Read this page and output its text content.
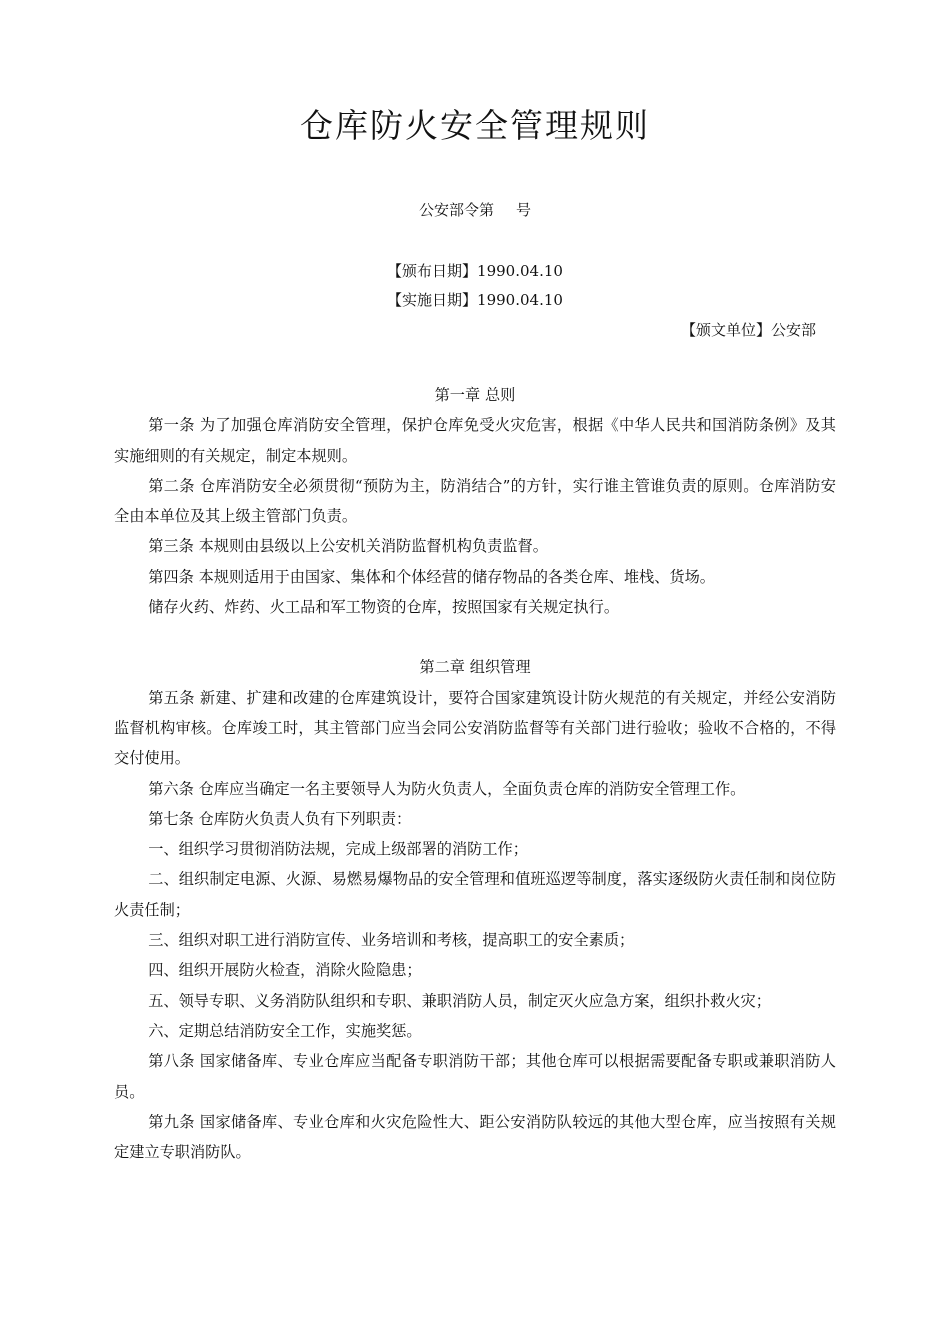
仓库防火安全管理规则
公安部令第 号
【颁布日期】1990.04.10
【实施日期】1990.04.10
【颁文单位】公安部

第一章 总则

第一条 为了加强仓库消防安全管理，保护仓库免受火灾危害，根据《中华人民共和国消防条例》及其实施细则的有关规定，制定本规则。

第二条 仓库消防安全必须贯彻“预防为主，防消结合”的方针，实行谁主管谁负责的原则。仓库消防安全由本单位及其上级主管部门负责。

第三条 本规则由县级以上公安机关消防监督机构负责监督。

第四条 本规则适用于由国家、集体和个体经营的储存物品的各类仓库、堆栈、货场。

储存火药、炸药、火工品和军工物资的仓库，按照国家有关规定执行。

第二章 组织管理

第五条 新建、扩建和改建的仓库建筑设计，要符合国家建筑设计防火规范的有关规定，并经公安消防监督机构审核。仓库竣工时，其主管部门应当会同公安消防监督等有关部门进行验收；验收不合格的，不得交付使用。

第六条 仓库应当确定一名主要领导人为防火负责人，全面负责仓库的消防安全管理工作。

第七条 仓库防火负责人负有下列职责：

一、组织学习贯彻消防法规，完成上级部署的消防工作；

二、组织制定电源、火源、易燃易爆物品的安全管理和值班巡逻等制度，落实逐级防火责任制和岗位防火责任制；

三、组织对职工进行消防宣传、业务培训和考核，提高职工的安全素质；

四、组织开展防火检查，消除火险隐患；

五、领导专职、义务消防队组织和专职、兼职消防人员，制定灭火应急方案，组织扑救火灾；

六、定期总结消防安全工作，实施奖惩。

第八条 国家储备库、专业仓库应当配备专职消防干部；其他仓库可以根据需要配备专职或兼职消防人员。

第九条 国家储备库、专业仓库和火灾危险性大、距公安消防队较远的其他大型仓库，应当按照有关规定建立专职消防队。
